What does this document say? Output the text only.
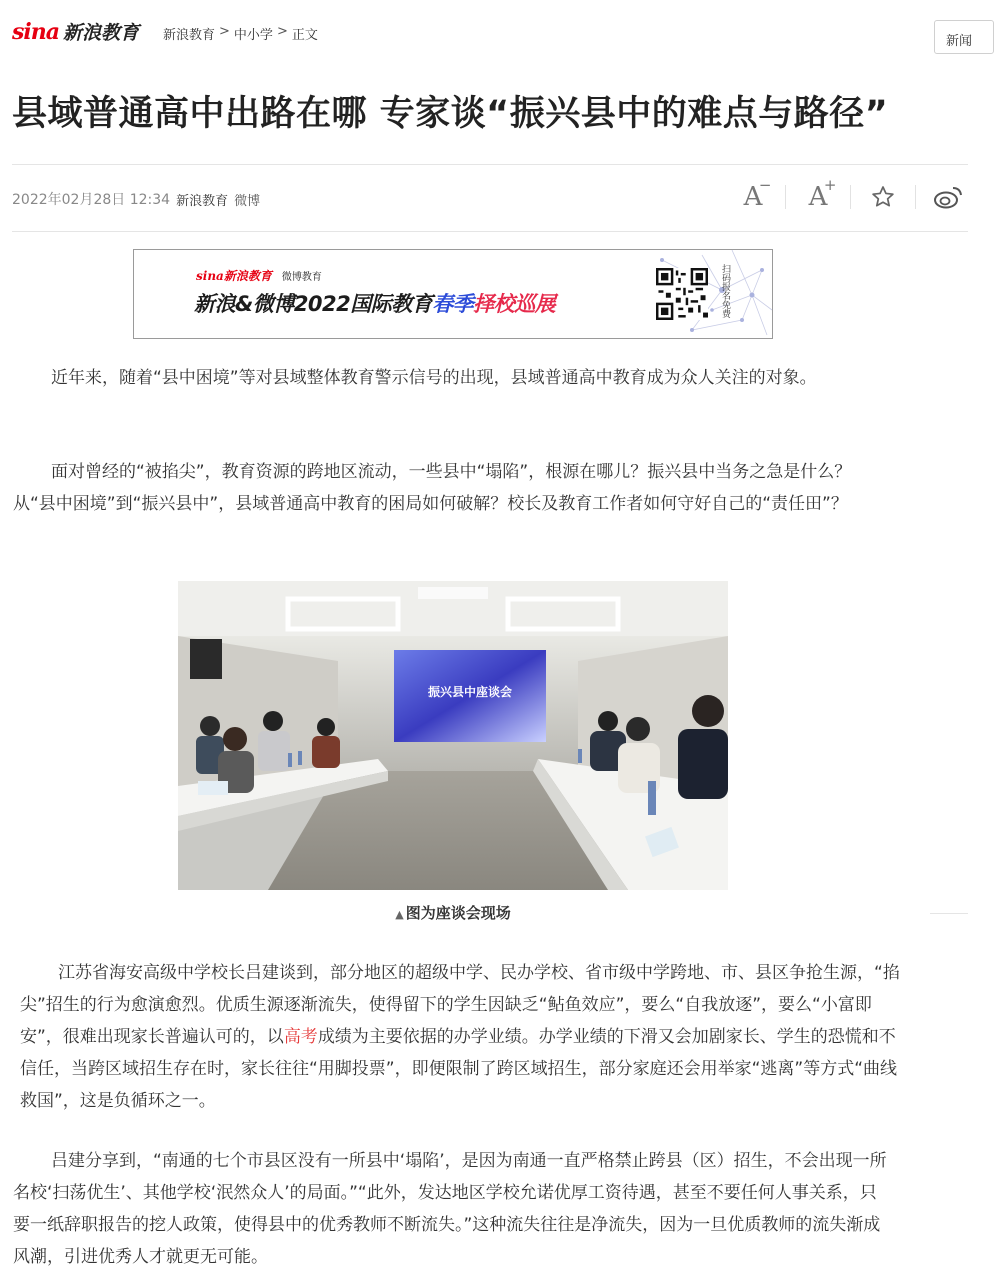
sina 新浪教育 新浪教育 > 中小学 > 正文	新闻
县域普通高中出路在哪 专家谈“振兴县中的难点与路径”
2022年02月28日 12:34 新浪教育 微博	A
− A
+
sina新浪教育 微博教育
新浪&微博2022国际教育春季择校巡展	扫码报名免费

近年来，随着“县中困境”等对县域整体教育警示信号的出现，县域普通高中教育成为众人关注的对象。

面对曾经的“被掐尖”，教育资源的跨地区流动，一些县中“塌陷”，根源在哪儿？振兴县中当务之急是什么？从“县中困境”到“振兴县中”，县域普通高中教育的困局如何破解？校长及教育工作者如何守好自己的“责任田”？

振兴县中座谈会
▲ 图为座谈会现场

江苏省海安高级中学校长吕建谈到，部分地区的超级中学、民办学校、省市级中学跨地、市、县区争抢生源，“掐尖”招生的行为愈演愈烈。优质生源逐渐流失，使得留下的学生因缺乏“鲇鱼效应”，要么“自我放逐”，要么“小富即安”，很难出现家长普遍认可的，以高考成绩为主要依据的办学业绩。办学业绩的下滑又会加剧家长、学生的恐慌和不信任，当跨区域招生存在时，家长往往“用脚投票”，即便限制了跨区域招生，部分家庭还会用举家“逃离”等方式“曲线救国”，这是负循环之一。

吕建分享到，“南通的七个市县区没有一所县中‘塌陷’，是因为南通一直严格禁止跨县（区）招生，不会出现一所名校‘扫荡优生’、其他学校‘泯然众人’的局面。”“此外，发达地区学校允诺优厚工资待遇，甚至不要任何人事关系，只要一纸辞职报告的挖人政策，使得县中的优秀教师不断流失。”这种流失往往是净流失，因为一旦优质教师的流失渐成风潮，引进优秀人才就更无可能。
